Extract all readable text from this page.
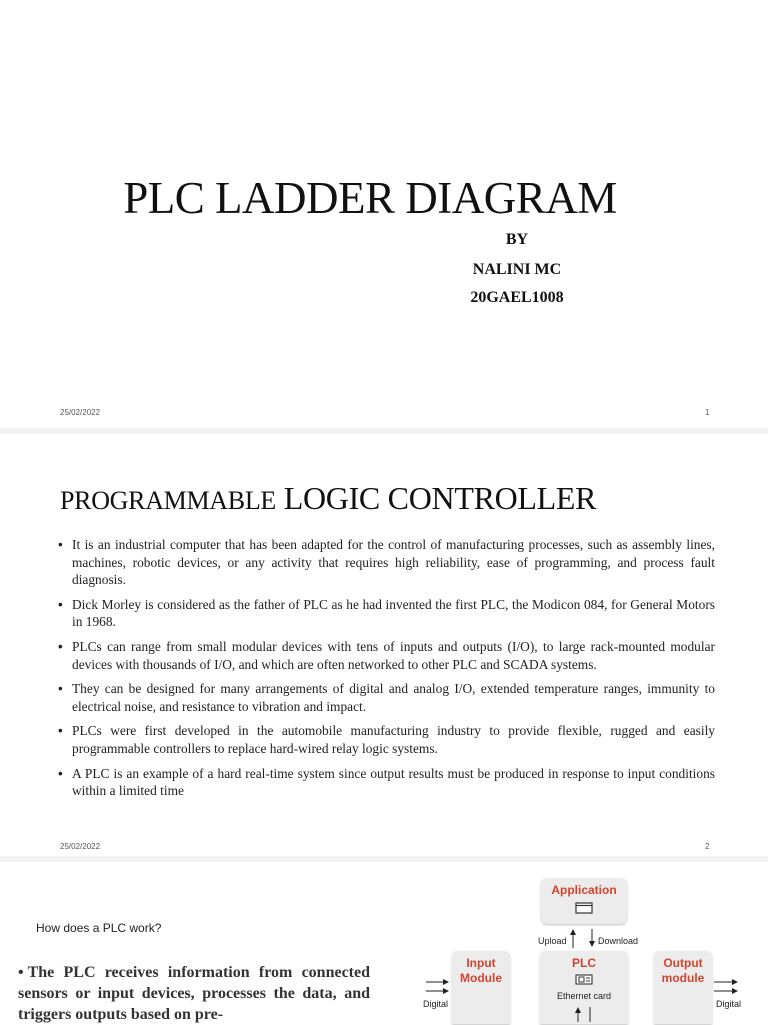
PLC LADDER DIAGRAM
BY
NALINI MC
20GAEL1008
25/02/2022	1
PROGRAMMABLE LOGIC CONTROLLER
• It is an industrial computer that has been adapted for the control of manufacturing processes, such as assembly lines, machines, robotic devices, or any activity that requires high reliability, ease of programming, and process fault diagnosis.
• Dick Morley is considered as the father of PLC as he had invented the first PLC, the Modicon 084, for General Motors in 1968.
• PLCs can range from small modular devices with tens of inputs and outputs (I/O), to large rack-mounted modular devices with thousands of I/O, and which are often networked to other PLC and SCADA systems.
• They can be designed for many arrangements of digital and analog I/O, extended temperature ranges, immunity to electrical noise, and resistance to vibration and impact.
• PLCs were first developed in the automobile manufacturing industry to provide flexible, rugged and easily programmable controllers to replace hard-wired relay logic systems.
• A PLC is an example of a hard real-time system since output results must be produced in response to input conditions within a limited time
25/02/2022	2
How does a PLC work?
• The PLC receives information from connected sensors or input devices, processes the data, and triggers outputs based on pre-
Application
Upload	Download
Input
Module
PLC
Ethernet card
Output
module
Digital	Digital
